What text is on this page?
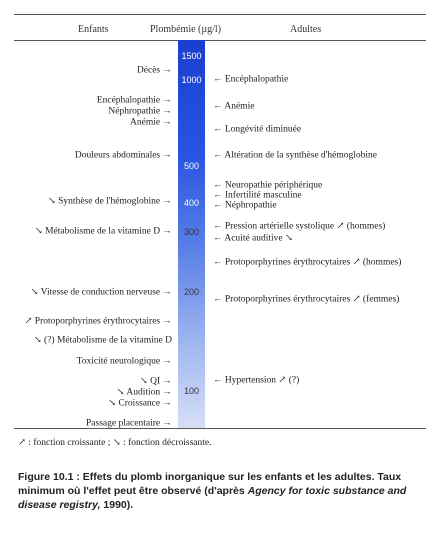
Enfants	Plombémie (µg/l)	Adultes
1500
1000
500
400
300
200
100
Décès →
Encéphalopathie →
Néphropathie →
Anémie →
Douleurs abdominales →
↘ Synthèse de l'hémoglobine →
↘ Métabolisme de la vitamine D →
↘ Vitesse de conduction nerveuse →
↗ Protoporphyrines érythrocytaires →
↘ (?) Métabolisme de la vitamine D
Toxicité neurologique →
↘ QI →
↘ Audition →
↘ Croissance →
Passage placentaire →
← Encéphalopathie
← Anémie
← Longévité diminuée
← Altération de la synthèse d'hémoglobine
← Neuropathie périphérique
← Infertilité masculine
← Néphropathie
← Pression artérielle systolique ↗ (hommes)
← Acuité auditive ↘
← Protoporphyrines érythrocytaires ↗ (hommes)
← Protoporphyrines érythrocytaires ↗ (femmes)
← Hypertension ↗ (?)
↗ : fonction croissante ; ↘ : fonction décroissante.
Figure 10.1 : Effets du plomb inorganique sur les enfants et les adultes. Taux minimum où l'effet peut être observé (d'après Agency for toxic substance and disease registry, 1990).
